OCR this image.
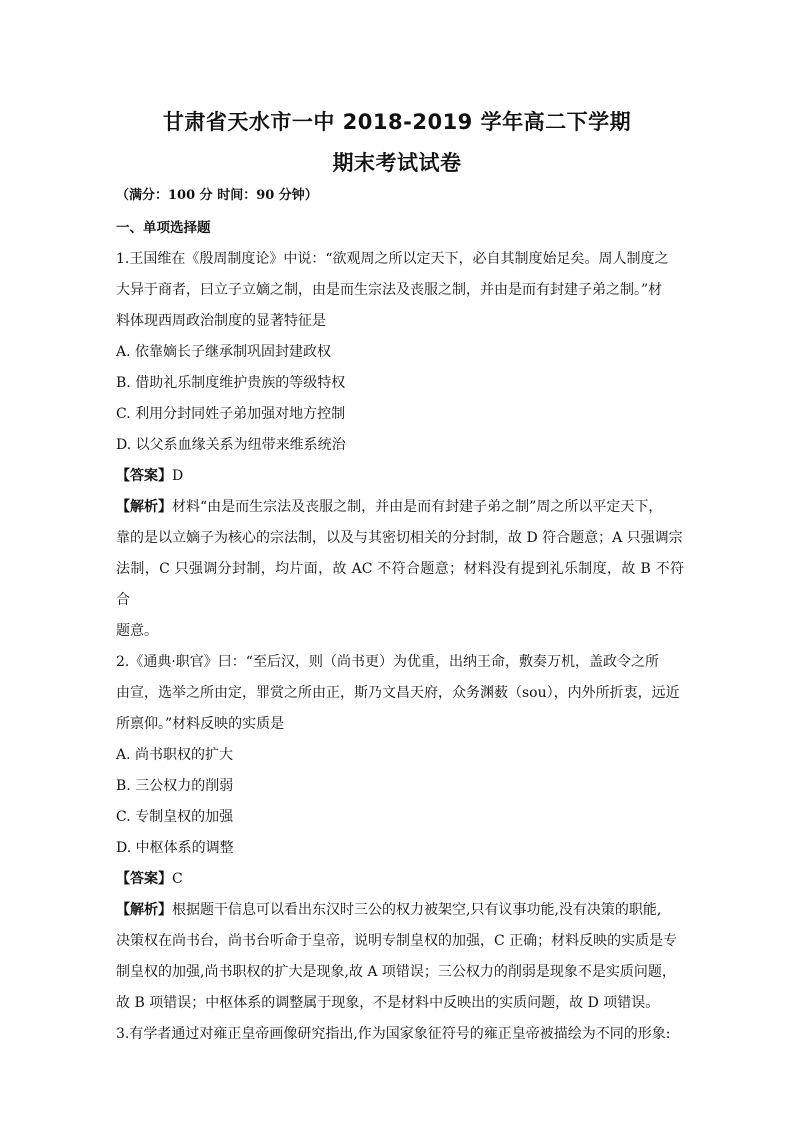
甘肃省天水市一中 2018-2019 学年高二下学期
期末考试试卷
（满分：100 分 时间：90 分钟）
一、单项选择题

1.王国维在《殷周制度论》中说：“欲观周之所以定天下，必自其制度始足矣。周人制度之

大异于商者，曰立子立嫡之制，由是而生宗法及丧服之制，并由是而有封建子弟之制。”材

料体现西周政治制度的显著特征是

A. 依靠嫡长子继承制巩固封建政权

B. 借助礼乐制度维护贵族的等级特权

C. 利用分封同姓子弟加强对地方控制

D. 以父系血缘关系为纽带来维系统治

【答案】D

【解析】材料“由是而生宗法及丧服之制，并由是而有封建子弟之制”周之所以平定天下，

靠的是以立嫡子为核心的宗法制，以及与其密切相关的分封制，故 D 符合题意；A 只强调宗

法制，C 只强调分封制，均片面，故 AC 不符合题意；材料没有提到礼乐制度，故 B 不符合

题意。

2.《通典·职官》曰：“至后汉，则（尚书更）为优重，出纳王命，敷奏万机，盖政令之所

由宣，选举之所由定，罪赏之所由正，斯乃文昌天府，众务渊薮（sou），内外所折衷，远近

所禀仰。”材料反映的实质是

A. 尚书职权的扩大

B. 三公权力的削弱

C. 专制皇权的加强

D. 中枢体系的调整

【答案】C

【解析】根据题干信息可以看出东汉时三公的权力被架空,只有议事功能,没有决策的职能,

决策权在尚书台，尚书台听命于皇帝，说明专制皇权的加强，C 正确；材料反映的实质是专

制皇权的加强,尚书职权的扩大是现象,故 A 项错误；三公权力的削弱是现象不是实质问题，

故 B 项错误；中枢体系的调整属于现象，不是材料中反映出的实质问题，故 D 项错误。

3.有学者通过对雍正皇帝画像研究指出,作为国家象征符号的雍正皇帝被描绘为不同的形象:
